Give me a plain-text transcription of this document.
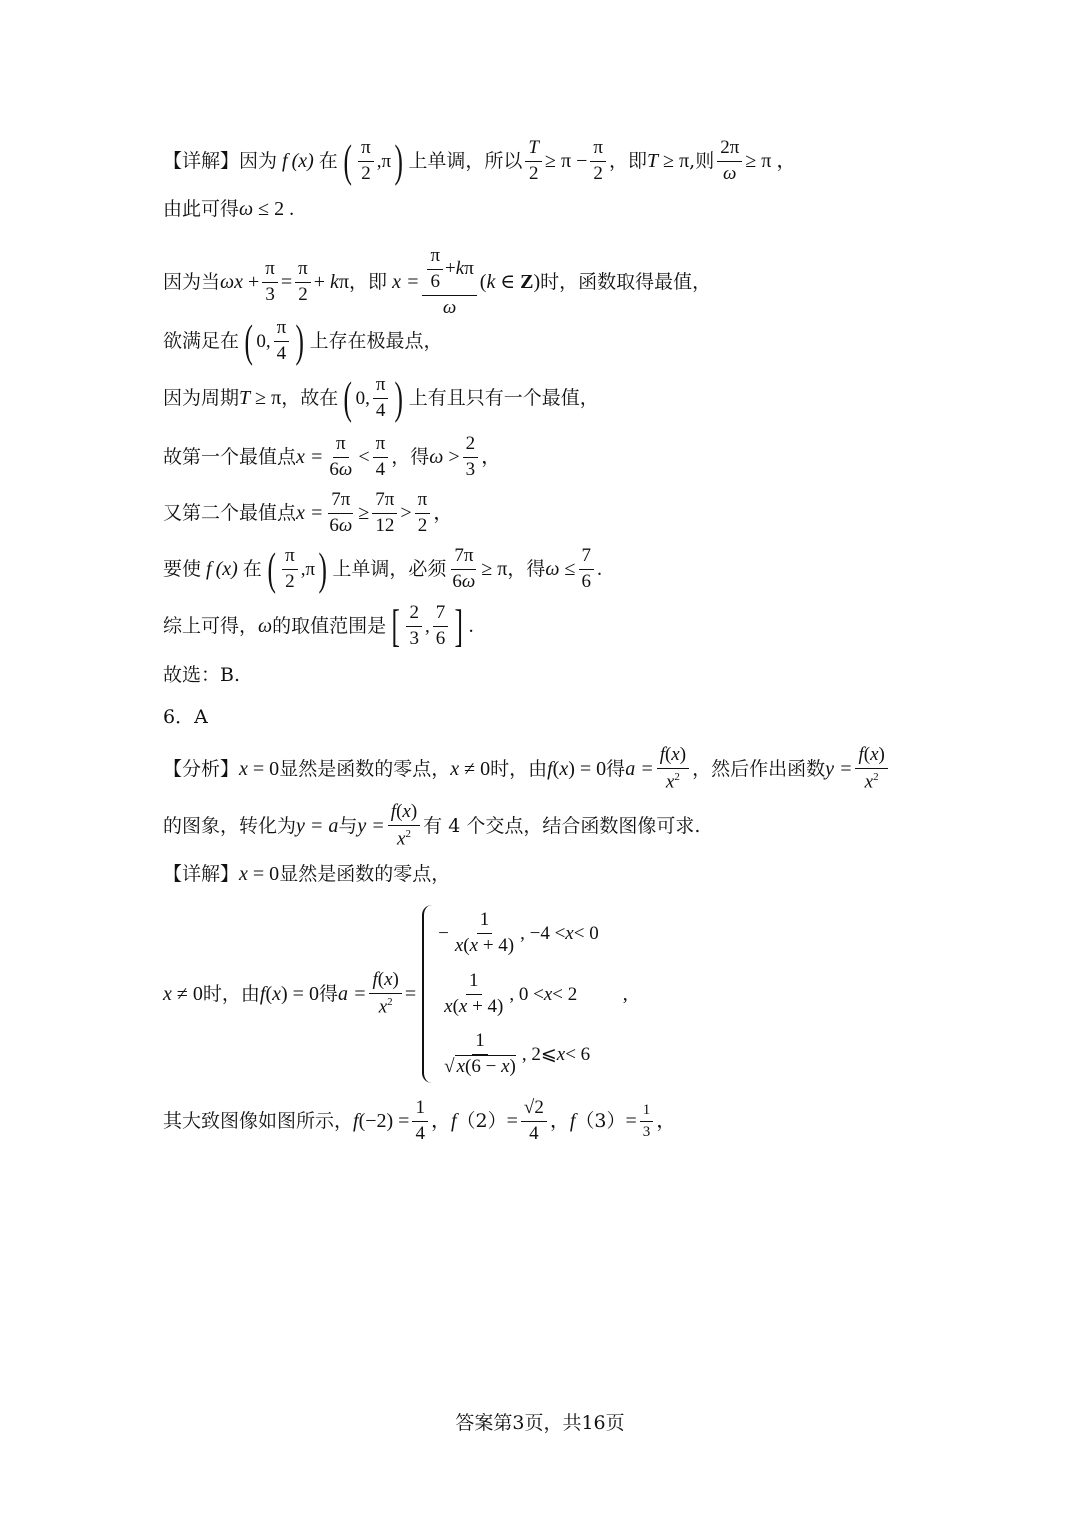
【详解】 因为 f (x) 在 ( $\frac{\pi}{2} ,\pi$ ) 上单调，所以 $\frac{T}{2} \ge \pi - \frac{\pi}{2}$ ，即 T ≥ π ,则 $\frac{2\pi}{\omega} \ge \pi$ ，
由此可得 ω ≤ 2 .
因为当 $\omega x + \frac{\pi}{3} = \frac{\pi}{2} + k\pi$ ，即 $x = \frac{\frac{\pi}{6} + k \pi}{\omega} (k$ ∈ Z) 时，函数取得最值，
欲满足在 ( 0, $\frac{\pi}{4}$ ) 上存在极最点，
因为周期 T ≥ π ，故在 ( 0, $\frac{\pi}{4}$ ) 上有且只有一个最值，
故第一个最值点 $x = \frac{\pi}{6\omega} < \frac{\pi}{4}$ ，得 $\omega > \frac{2}{3}$ ，
又第二个最值点 $x = \frac{7\pi}{6\omega} \ge \frac{7\pi}{12} > \frac{\pi}{2}$ ，
要使 f (x) 在 ( $\frac{\pi}{2} ,\pi$ ) 上单调，必须 $\frac{7\pi}{6\omega} \ge \pi$ ，得 $\omega \le \frac{7}{6}$ .
综上可得， ω 的取值范围是 [ $\frac{2}{3}$ , $\frac{7}{6}$ ] .
故选：B.
6．A
【分析】 x = 0 显然是函数的零点， x ≠ 0 时，由 f(x) = 0 得 $a = \frac{f(x)}{x^2}$ ，然后作出函数 $y = \frac{f(x)}{x^2}$
的图象，转化为 y = a 与 $y = \frac{f(x)}{x^2}$ 有 4 个交点，结合函数图像可求.
【详解】 x = 0 显然是函数的零点，
x ≠ 0 时，由 f(x) = 0 得 $a = \frac{f(x)}{x^2}$ =
− $\frac{1}{x(x + 4)}$ , −4 < x < 0
$\frac{1}{x(x + 4)}$ , 0 < x < 2
$\frac{1}{√ x(6 - x)}$ , 2⩽ x < 6
,
其大致图像如图所示， $f(-2) = \frac{1}{4}$ ，f $(2) = \frac{√2}{4}$ ，f $(3) = \frac{1}{3}$ ，
答案第3页，共16页
